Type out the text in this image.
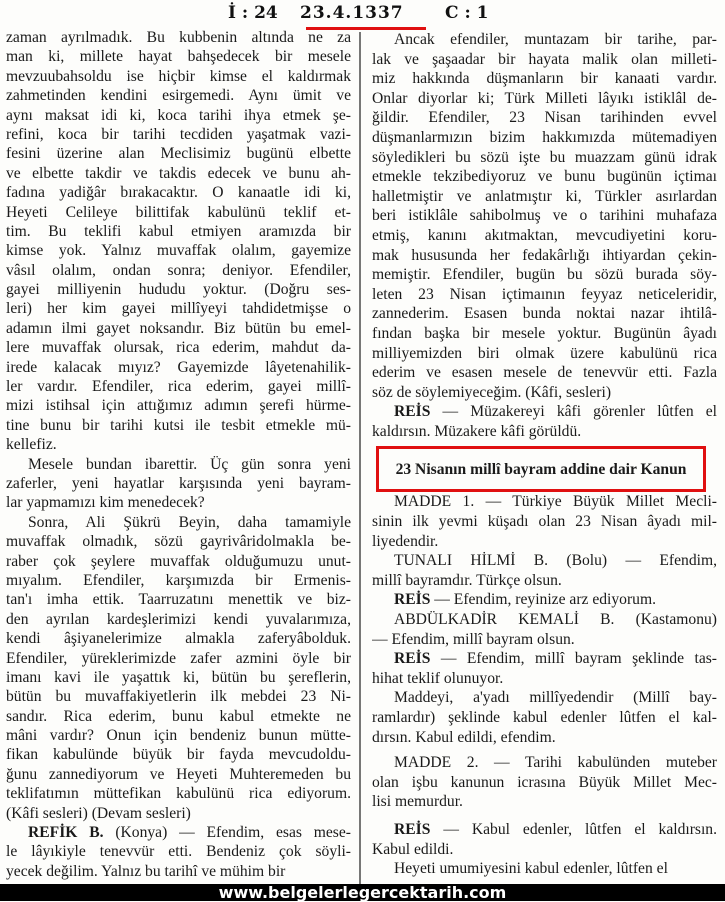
İ : 24 23.4.1337 C : 1
zaman ayrılmadık. Bu kubbenin altında ne za
man ki, millete hayat bahşedecek bir mesele
mevzuubahsoldu ise hiçbir kimse el kaldırmak
zahmetinden kendini esirgemedi. Aynı ümit ve
aynı maksat idi ki, koca tarihi ihya etmek şe-
refini, koca bir tarihi tecdiden yaşatmak vazi-
fesini üzerine alan Meclisimiz bugünü elbette
ve elbette takdir ve takdis edecek ve bunu ah-
fadına yadiğâr bırakacaktır. O kanaatle idi ki,
Heyeti Celileye bilittifak kabulünü teklif et-
tim. Bu teklifi kabul etmiyen aramızda bir
kimse yok. Yalnız muvaffak olalım, gayemize
vâsıl olalım, ondan sonra; deniyor. Efendiler,
gayei milliyenin hududu yoktur. (Doğru ses-
leri) her kim gayei millîyeyi tahdidetmişse o
adamın ilmi gayet noksandır. Biz bütün bu emel-
lere muvaffak olursak, rica ederim, mahdut da-
irede kalacak mıyız? Gayemizde lâyetenahilik-
ler vardır. Efendiler, rica ederim, gayei millî-
mizi istihsal için attığımız adımın şerefi hürme-
tine bunu bir tarihi kutsi ile tesbit etmekle mü-
kellefiz.
Mesele bundan ibarettir. Üç gün sonra yeni
zaferler, yeni hayatlar karşısında yeni bayram-
lar yapmamızı kim menedecek?
Sonra, Ali Şükrü Beyin, daha tamamiyle
muvaffak olmadık, sözü gayrivâridolmakla be-
raber çok şeylere muvaffak olduğumuzu unut-
mıyalım. Efendiler, karşımızda bir Ermenis-
tan'ı imha ettik. Taarruzatını menettik ve biz-
den ayrılan kardeşlerimizi kendi yuvalarımıza,
kendi âşiyanelerimize almakla zaferyâbolduk.
Efendiler, yüreklerimizde zafer azmini öyle bir
imanı kavi ile yaşattık ki, bütün bu şereflerin,
bütün bu muvaffakiyetlerin ilk mebdei 23 Ni-
sandır. Rica ederim, bunu kabul etmekte ne
mâni vardır? Onun için bendeniz bunun mütte-
fikan kabulünde büyük bir fayda mevcudoldu-
ğunu zannediyorum ve Heyeti Muhteremeden bu
teklifatımın müttefikan kabulünü rica ediyorum.
(Kâfi sesleri) (Devam sesleri)
REFİK B. (Konya) — Efendim, esas mese-
le lâyıkiyle tenevvür etti. Bendeniz çok söyli-
yecek değilim. Yalnız bu tarihî ve mühim bir
Ancak efendiler, muntazam bir tarihe, par-
lak ve şaşaadar bir hayata malik olan milleti-
miz hakkında düşmanların bir kanaati vardır.
Onlar diyorlar ki; Türk Milleti lâyıkı istiklâl de-
ğildir. Efendiler, 23 Nisan tarihinden evvel
düşmanlarmızın bizim hakkımızda mütemadiyen
söyledikleri bu sözü işte bu muazzam günü idrak
etmekle tekzibediyoruz ve bunu bugünün içtimaı
halletmiştir ve anlatmıştır ki, Türkler asırlardan
beri istiklâle sahibolmuş ve o tarihini muhafaza
etmiş, kanını akıtmaktan, mevcudiyetini koru-
mak hususunda her fedakârlığı ihtiyardan çekin-
memiştir. Efendiler, bugün bu sözü burada söy-
leten 23 Nisan içtimaının feyyaz neticeleridir,
zannederim. Esasen bunda noktai nazar ihtilâ-
fından başka bir mesele yoktur. Bugünün âyadı
milliyemizden biri olmak üzere kabulünü rica
ederim ve esasen mesele de tenevvür etti. Fazla
söz de söylemiyeceğim. (Kâfi, sesleri)
REİS — Müzakereyi kâfi görenler lûtfen el
kaldırsın. Müzakere kâfi görüldü.
23 Nisanın millî bayram addine dair Kanun
MADDE 1. — Türkiye Büyük Millet Mecli-
sinin ilk yevmi küşadı olan 23 Nisan âyadı mil-
liyedendir.
TUNALI HİLMİ B. (Bolu) — Efendim,
millî bayramdır. Türkçe olsun.
REİS — Efendim, reyinize arz ediyorum.
ABDÜLKADİR KEMALİ B. (Kastamonu)
— Efendim, millî bayram olsun.
REİS — Efendim, millî bayram şeklinde tas-
hihat teklif olunuyor.
Maddeyi, a'yadı millîyedendir (Millî bay-
ramlardır) şeklinde kabul edenler lûtfen el kal-
dırsın. Kabul edildi, efendim.
MADDE 2. — Tarihi kabulünden muteber
olan işbu kanunun icrasına Büyük Millet Mec-
lisi memurdur.
REİS — Kabul edenler, lûtfen el kaldırsın.
Kabul edildi.
Heyeti umumiyesini kabul edenler, lûtfen el
www.belgelerlegercektarih.com
